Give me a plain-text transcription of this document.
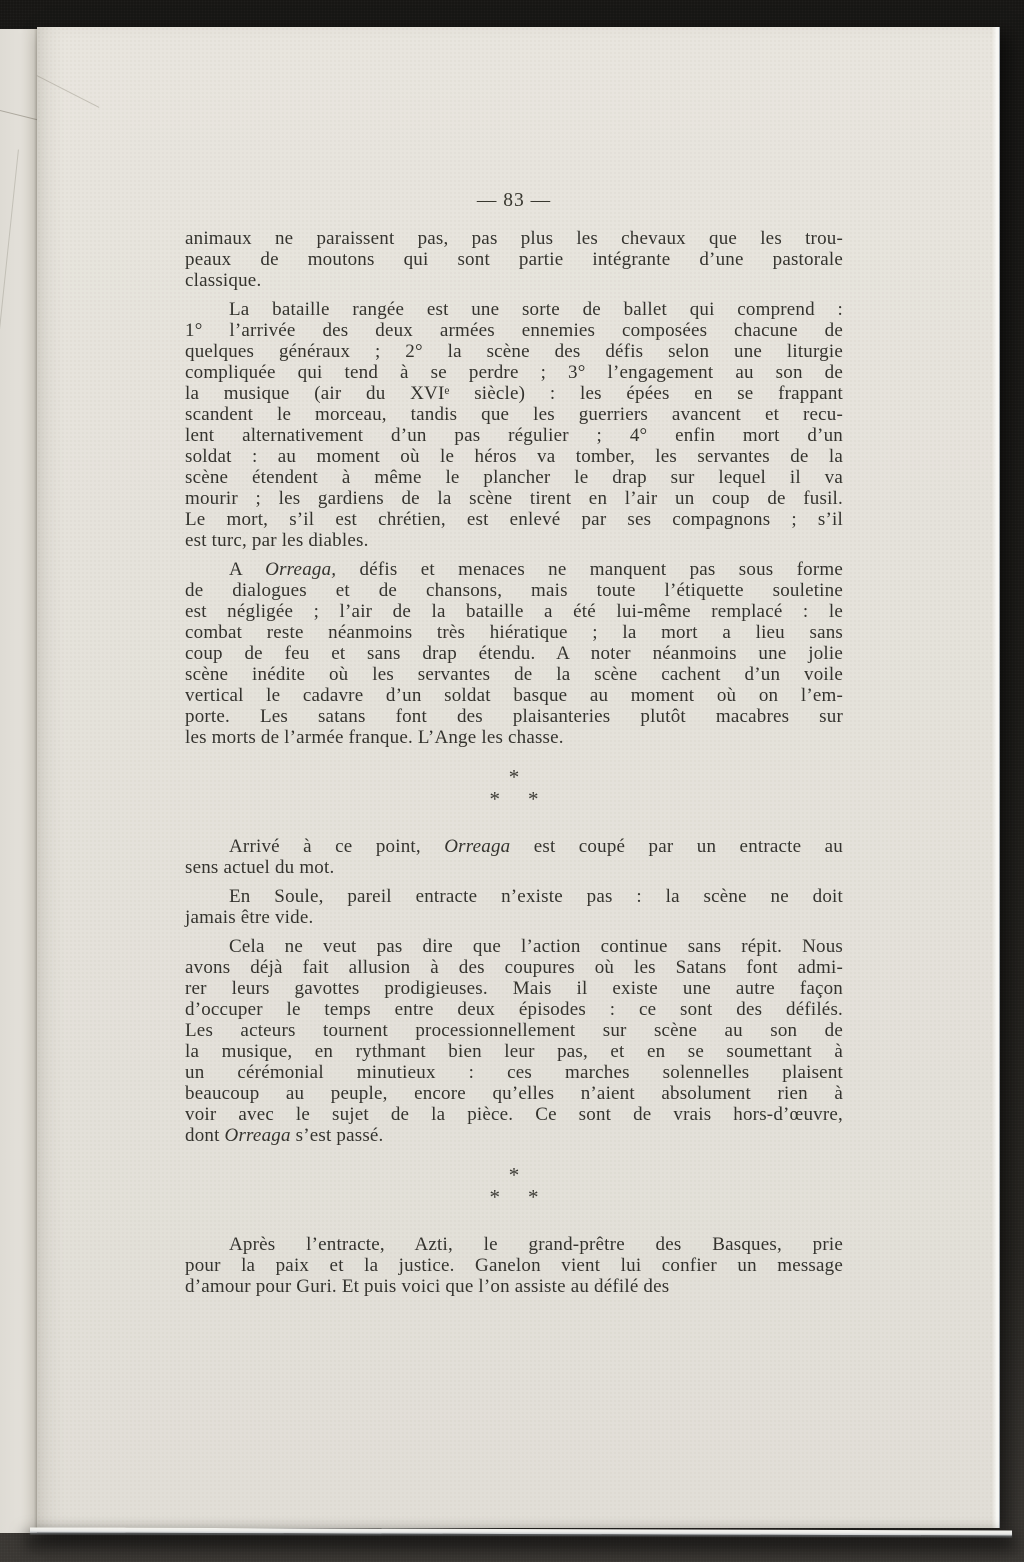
— 83 —
animaux ne paraissent pas, pas plus les chevaux que les trou-
peaux de moutons qui sont partie intégrante d’une pastorale
classique.
La bataille rangée est une sorte de ballet qui comprend :
1° l’arrivée des deux armées ennemies composées chacune de
quelques généraux ; 2° la scène des défis selon une liturgie
compliquée qui tend à se perdre ; 3° l’engagement au son de
la musique (air du XVIᵉ siècle) : les épées en se frappant
scandent le morceau, tandis que les guerriers avancent et recu-
lent alternativement d’un pas régulier ; 4° enfin mort d’un
soldat : au moment où le héros va tomber, les servantes de la
scène étendent à même le plancher le drap sur lequel il va
mourir ; les gardiens de la scène tirent en l’air un coup de fusil.
Le mort, s’il est chrétien, est enlevé par ses compagnons ; s’il
est turc, par les diables.
A Orreaga, défis et menaces ne manquent pas sous forme
de dialogues et de chansons, mais toute l’étiquette souletine
est négligée ; l’air de la bataille a été lui-même remplacé : le
combat reste néanmoins très hiératique ; la mort a lieu sans
coup de feu et sans drap étendu. A noter néanmoins une jolie
scène inédite où les servantes de la scène cachent d’un voile
vertical le cadavre d’un soldat basque au moment où on l’em-
porte. Les satans font des plaisanteries plutôt macabres sur
les morts de l’armée franque. L’Ange les chasse.
*
* *
Arrivé à ce point, Orreaga est coupé par un entracte au
sens actuel du mot.
En Soule, pareil entracte n’existe pas : la scène ne doit
jamais être vide.
Cela ne veut pas dire que l’action continue sans répit. Nous
avons déjà fait allusion à des coupures où les Satans font admi-
rer leurs gavottes prodigieuses. Mais il existe une autre façon
d’occuper le temps entre deux épisodes : ce sont des défilés.
Les acteurs tournent processionnellement sur scène au son de
la musique, en rythmant bien leur pas, et en se soumettant à
un cérémonial minutieux : ces marches solennelles plaisent
beaucoup au peuple, encore qu’elles n’aient absolument rien à
voir avec le sujet de la pièce. Ce sont de vrais hors-d’œuvre,
dont Orreaga s’est passé.
*
* *
Après l’entracte, Azti, le grand-prêtre des Basques, prie
pour la paix et la justice. Ganelon vient lui confier un message
d’amour pour Guri. Et puis voici que l’on assiste au défilé des
